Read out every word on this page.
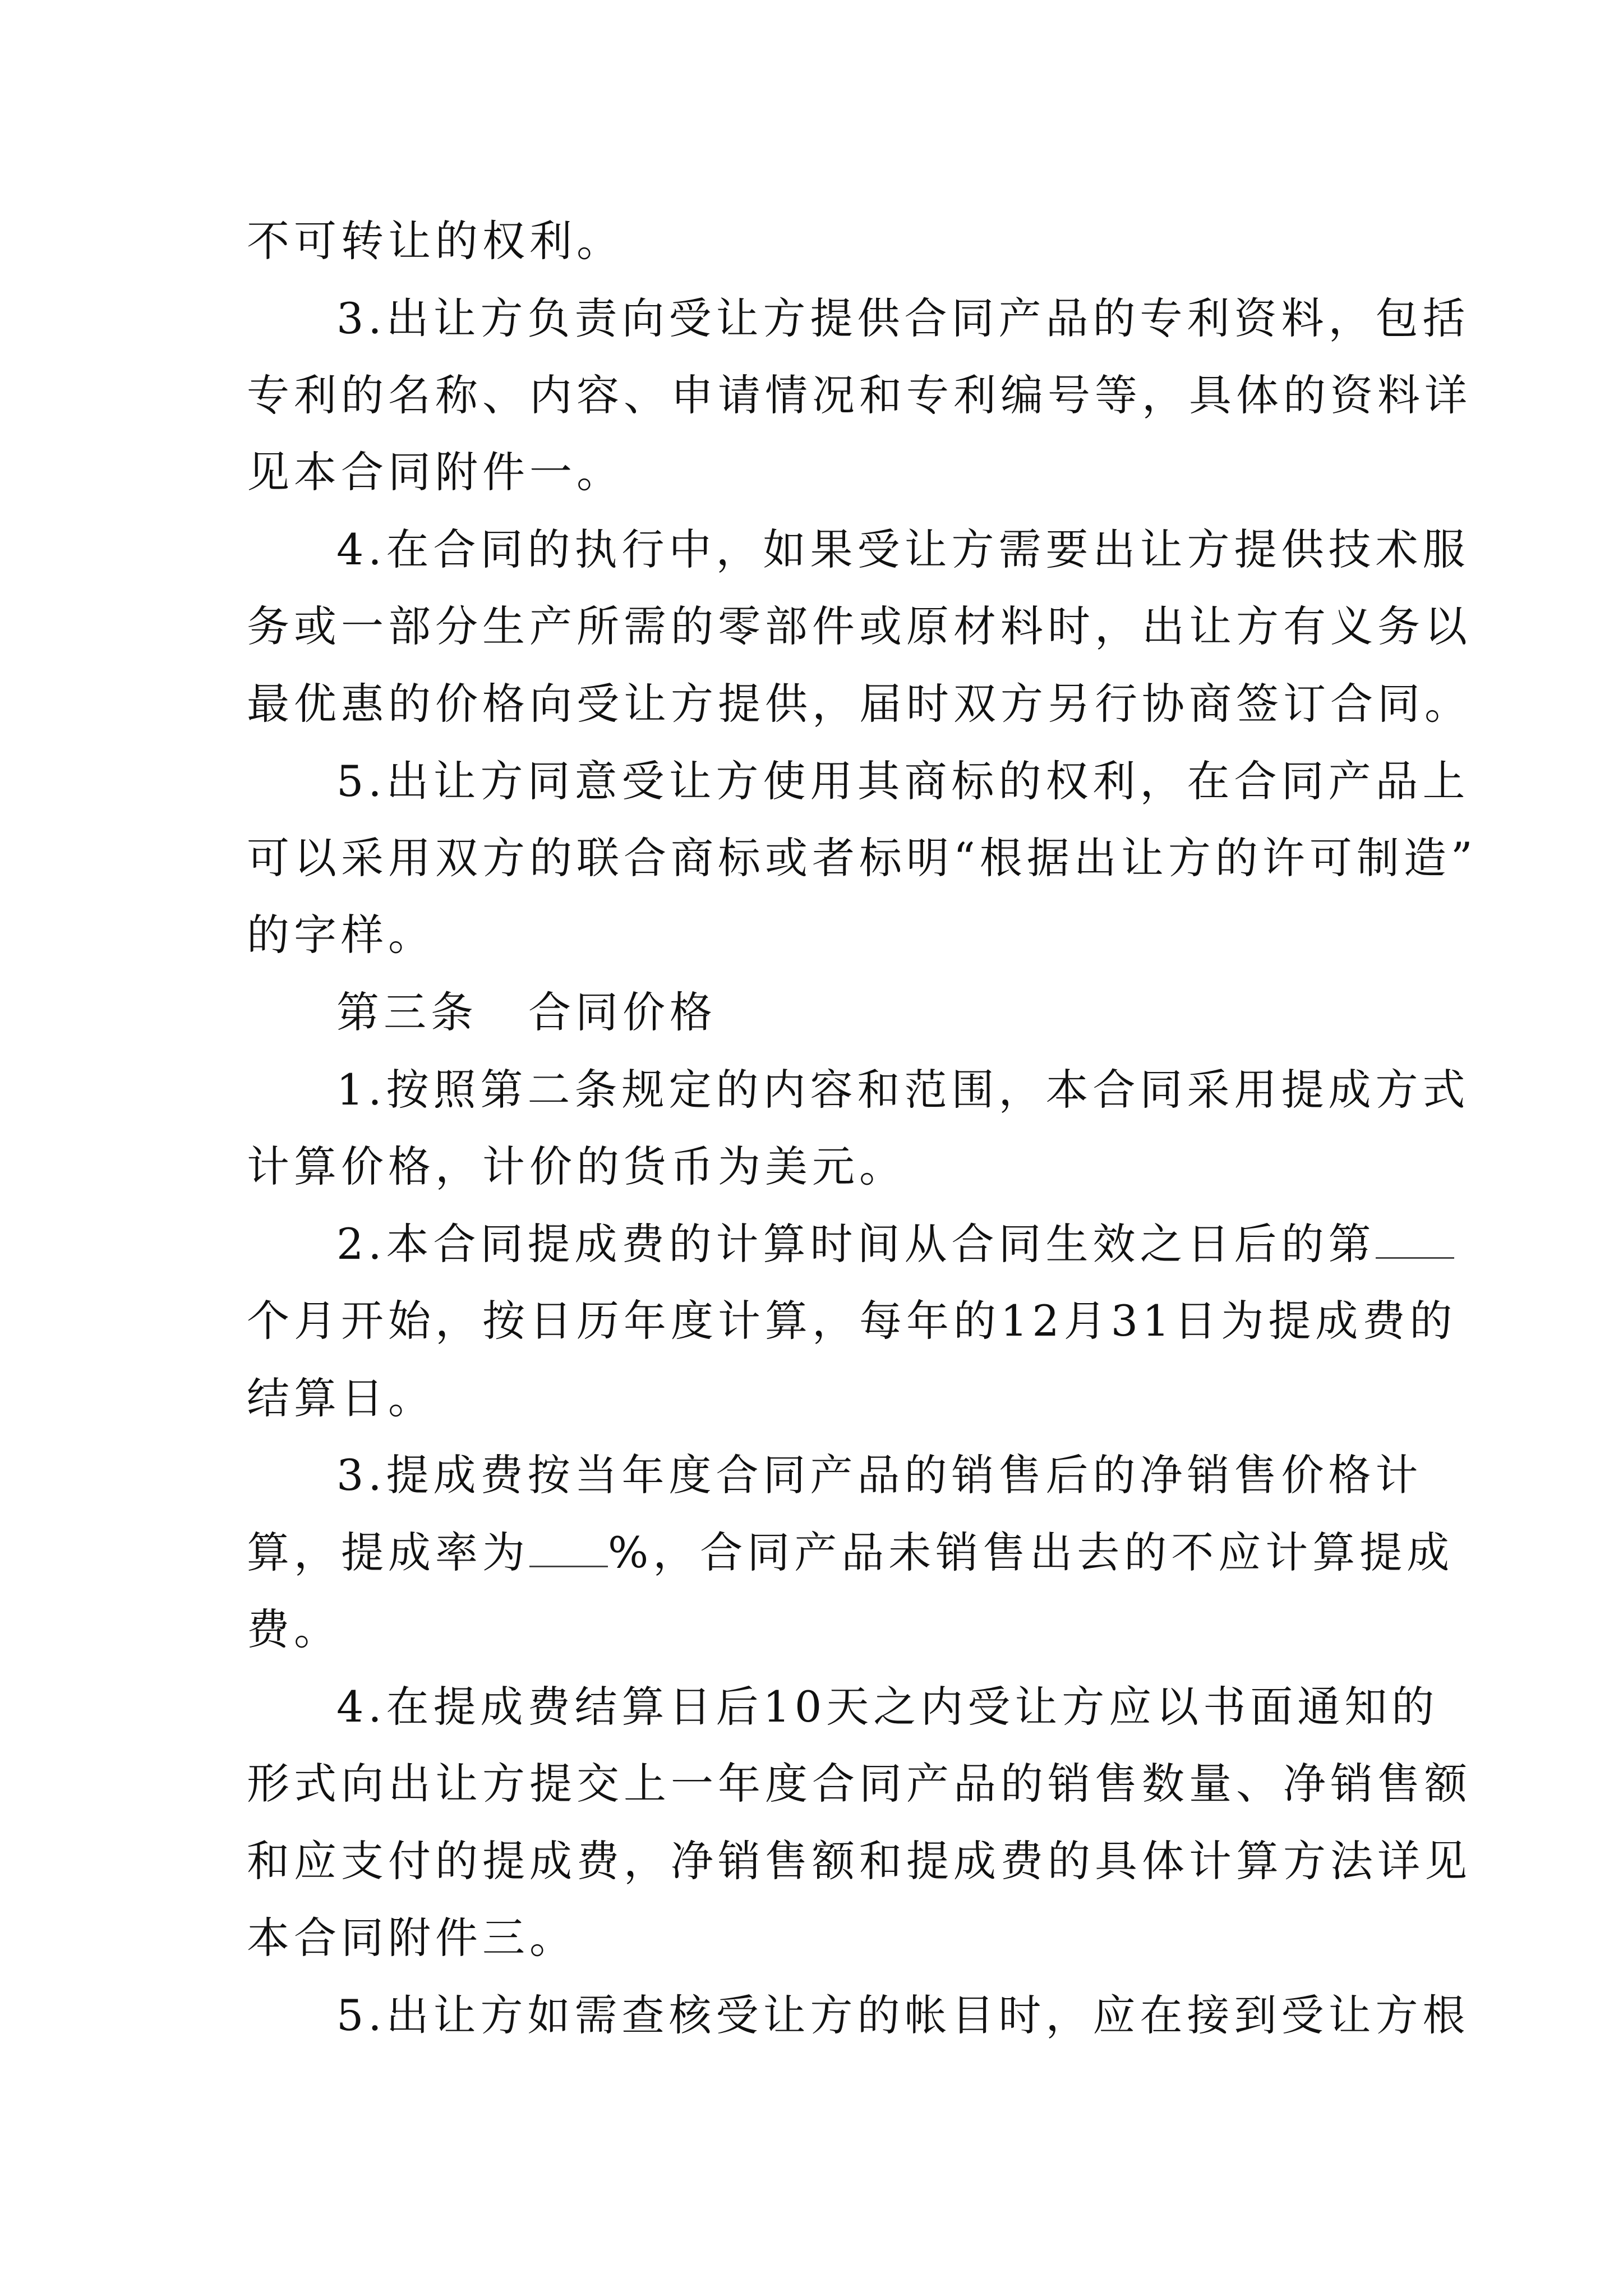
不可转让的权利。
3.出让方负责向受让方提供合同产品的专利资料，包括
专利的名称、内容、申请情况和专利编号等，具体的资料详
见本合同附件一。
4.在合同的执行中，如果受让方需要出让方提供技术服
务或一部分生产所需的零部件或原材料时，出让方有义务以
最优惠的价格向受让方提供，届时双方另行协商签订合同。
5.出让方同意受让方使用其商标的权利，在合同产品上
可以采用双方的联合商标或者标明“根据出让方的许可制造”
的字样。
第三条 合同价格
1.按照第二条规定的内容和范围，本合同采用提成方式
计算价格，计价的货币为美元。
2.本合同提成费的计算时间从合同生效之日后的第
个月开始，按日历年度计算，每年的12月31日为提成费的
结算日。
3.提成费按当年度合同产品的销售后的净销售价格计
算，提成率为 %，合同产品未销售出去的不应计算提成
费。
4.在提成费结算日后10天之内受让方应以书面通知的
形式向出让方提交上一年度合同产品的销售数量、净销售额
和应支付的提成费，净销售额和提成费的具体计算方法详见
本合同附件三。
5.出让方如需查核受让方的帐目时，应在接到受让方根
